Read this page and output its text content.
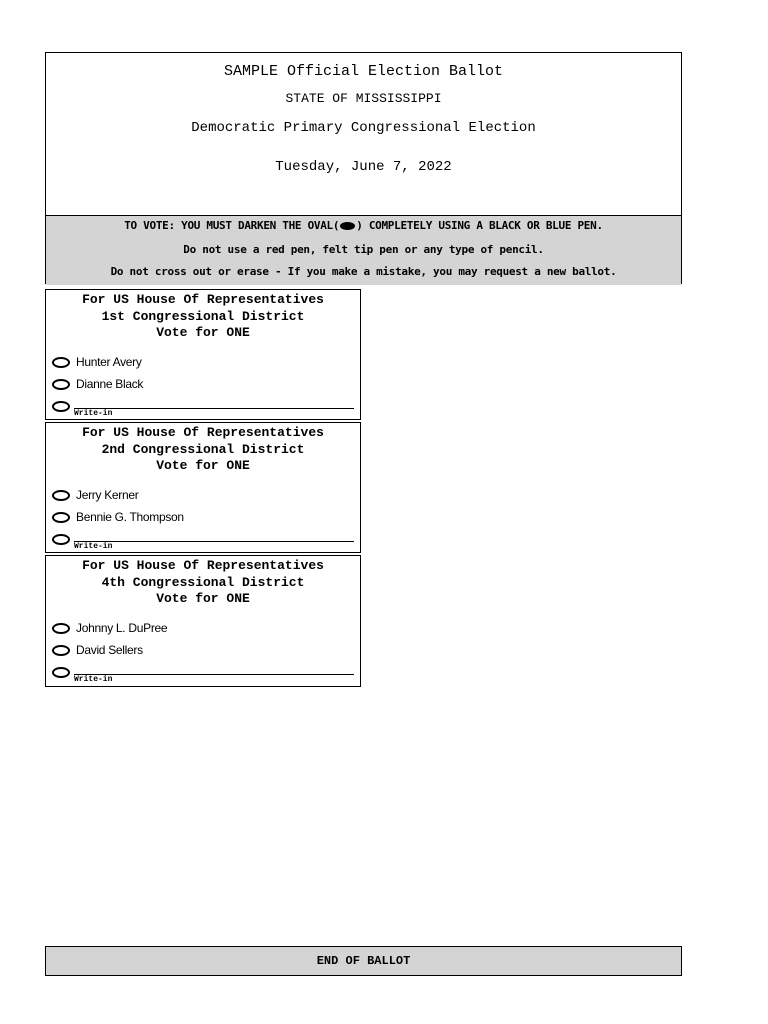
SAMPLE Official Election Ballot
STATE OF MISSISSIPPI
Democratic Primary Congressional Election
Tuesday, June 7, 2022
TO VOTE: YOU MUST DARKEN THE OVAL( ) COMPLETELY USING A BLACK OR BLUE PEN.
Do not use a red pen, felt tip pen or any type of pencil.
Do not cross out or erase - If you make a mistake, you may request a new ballot.
For US House Of Representatives
1st Congressional District
Vote for ONE
Hunter Avery
Dianne Black
Write-in
For US House Of Representatives
2nd Congressional District
Vote for ONE
Jerry Kerner
Bennie G. Thompson
Write-in
For US House Of Representatives
4th Congressional District
Vote for ONE
Johnny L. DuPree
David Sellers
Write-in
END OF BALLOT
